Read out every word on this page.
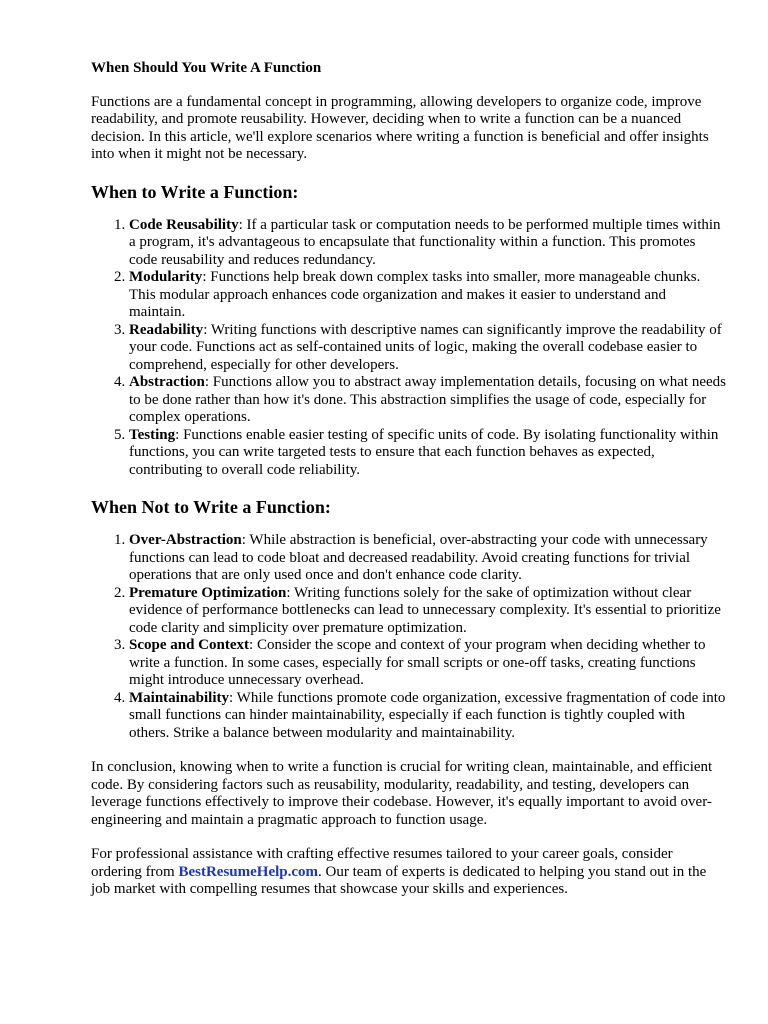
When Should You Write A Function

Functions are a fundamental concept in programming, allowing developers to organize code, improve readability, and promote reusability. However, deciding when to write a function can be a nuanced decision. In this article, we'll explore scenarios where writing a function is beneficial and offer insights into when it might not be necessary.

When to Write a Function:
1. Code Reusability: If a particular task or computation needs to be performed multiple times within a program, it's advantageous to encapsulate that functionality within a function. This promotes code reusability and reduces redundancy.
2. Modularity: Functions help break down complex tasks into smaller, more manageable chunks. This modular approach enhances code organization and makes it easier to understand and maintain.
3. Readability: Writing functions with descriptive names can significantly improve the readability of your code. Functions act as self-contained units of logic, making the overall codebase easier to comprehend, especially for other developers.
4. Abstraction: Functions allow you to abstract away implementation details, focusing on what needs to be done rather than how it's done. This abstraction simplifies the usage of code, especially for complex operations.
5. Testing: Functions enable easier testing of specific units of code. By isolating functionality within functions, you can write targeted tests to ensure that each function behaves as expected, contributing to overall code reliability.
When Not to Write a Function:
1. Over-Abstraction: While abstraction is beneficial, over-abstracting your code with unnecessary functions can lead to code bloat and decreased readability. Avoid creating functions for trivial operations that are only used once and don't enhance code clarity.
2. Premature Optimization: Writing functions solely for the sake of optimization without clear evidence of performance bottlenecks can lead to unnecessary complexity. It's essential to prioritize code clarity and simplicity over premature optimization.
3. Scope and Context: Consider the scope and context of your program when deciding whether to write a function. In some cases, especially for small scripts or one-off tasks, creating functions might introduce unnecessary overhead.
4. Maintainability: While functions promote code organization, excessive fragmentation of code into small functions can hinder maintainability, especially if each function is tightly coupled with others. Strike a balance between modularity and maintainability.

In conclusion, knowing when to write a function is crucial for writing clean, maintainable, and efficient code. By considering factors such as reusability, modularity, readability, and testing, developers can leverage functions effectively to improve their codebase. However, it's equally important to avoid over-engineering and maintain a pragmatic approach to function usage.

For professional assistance with crafting effective resumes tailored to your career goals, consider ordering from BestResumeHelp.com. Our team of experts is dedicated to helping you stand out in the job market with compelling resumes that showcase your skills and experiences.
